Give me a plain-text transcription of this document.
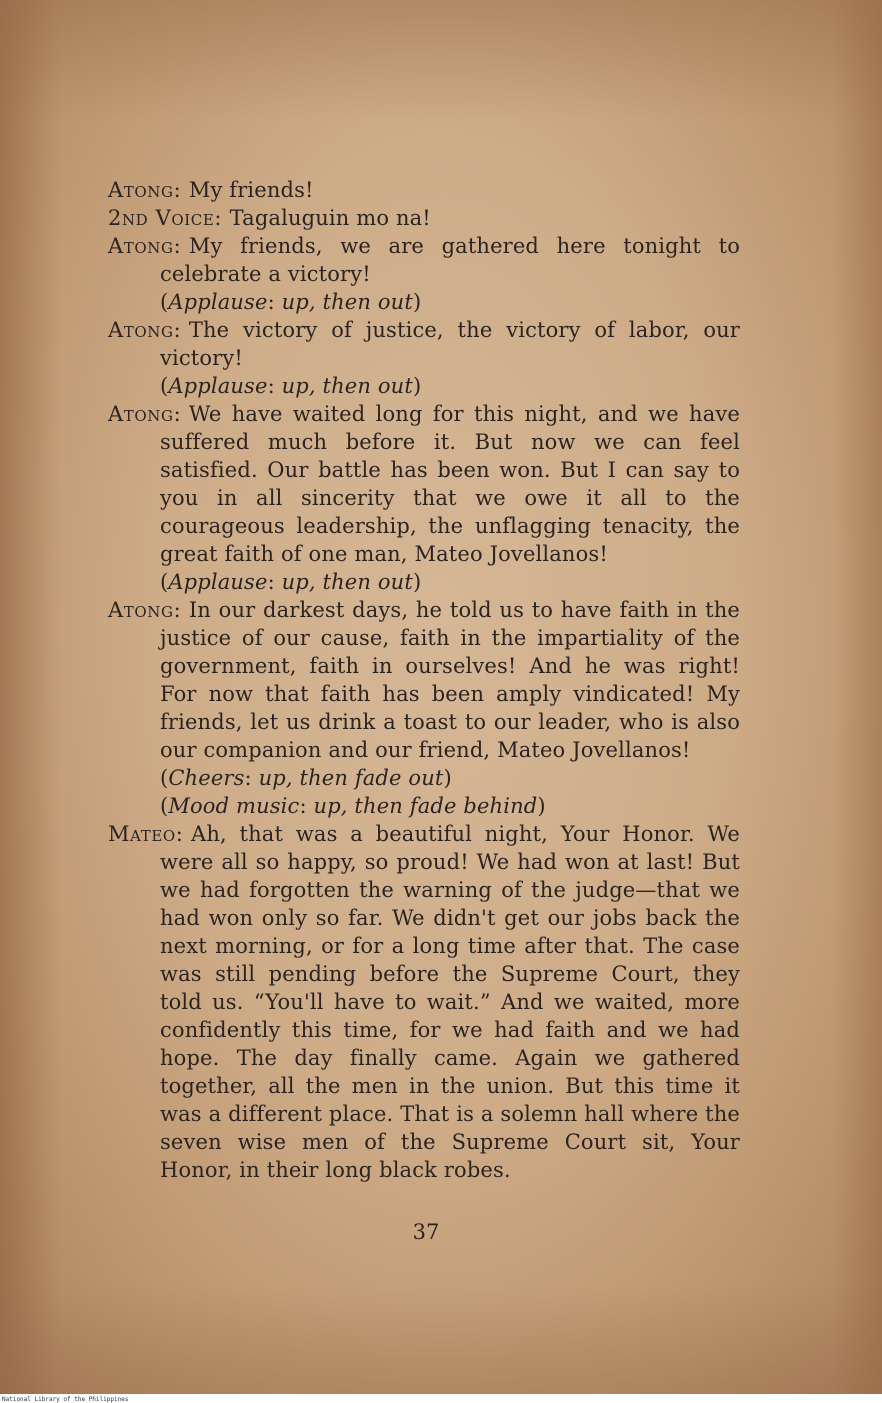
Atong: My friends!

2nd Voice: Tagaluguin mo na!

Atong: My friends, we are gathered here tonight to celebrate a victory!

(Applause: up, then out)

Atong: The victory of justice, the victory of labor, our victory!

(Applause: up, then out)

Atong: We have waited long for this night, and we have suffered much before it. But now we can feel satisfied. Our battle has been won. But I can say to you in all sincerity that we owe it all to the courageous leadership, the unflagging tenacity, the great faith of one man, Mateo Jovellanos!

(Applause: up, then out)

Atong: In our darkest days, he told us to have faith in the justice of our cause, faith in the impartiality of the government, faith in ourselves! And he was right! For now that faith has been amply vindicated! My friends, let us drink a toast to our leader, who is also our companion and our friend, Mateo Jovellanos!

(Cheers: up, then fade out)

(Mood music: up, then fade behind)

Mateo: Ah, that was a beautiful night, Your Honor. We were all so happy, so proud! We had won at last! But we had forgotten the warning of the judge—that we had won only so far. We didn't get our jobs back the next morning, or for a long time after that. The case was still pending before the Supreme Court, they told us. “You'll have to wait.” And we waited, more confidently this time, for we had faith and we had hope. The day finally came. Again we gathered together, all the men in the union. But this time it was a different place. That is a solemn hall where the seven wise men of the Supreme Court sit, Your Honor, in their long black robes.

37
National Library of the Philippines
